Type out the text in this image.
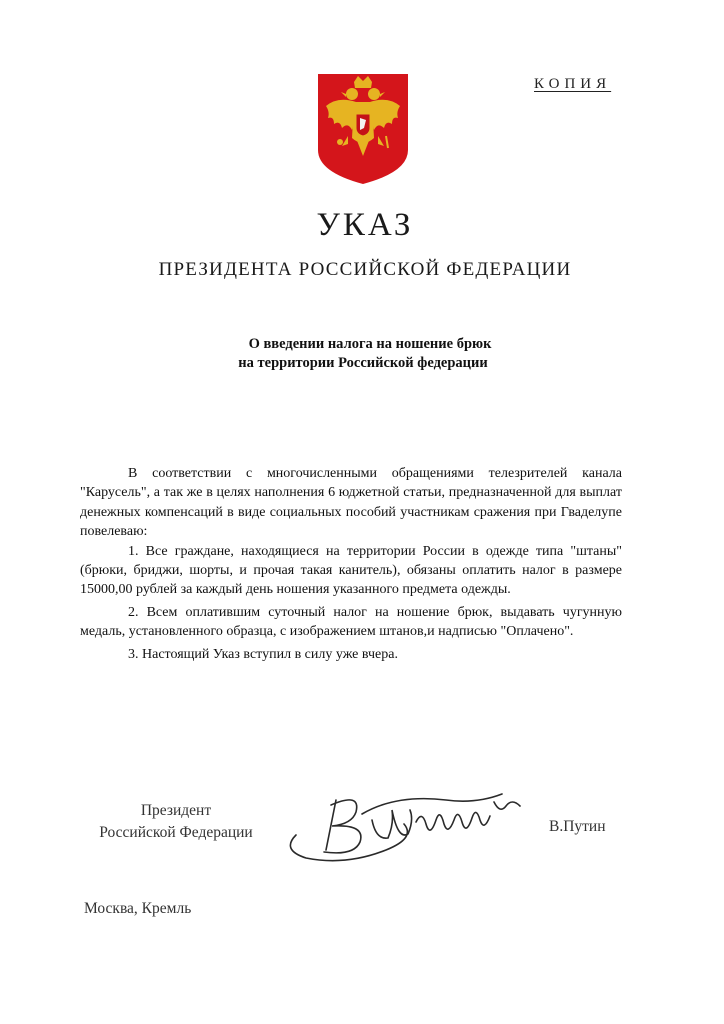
КОПИЯ
УКАЗ
ПРЕЗИДЕНТА РОССИЙСКОЙ ФЕДЕРАЦИИ
О введении налога на ношение брюк
на территории Российской федерации

В соответствии с многочисленными обращениями телезрителей канала "Карусель", а так же в целях наполнения 6 юджетной статьи, предназначенной для выплат денежных компенсаций в виде социальных пособий участникам сражения при Гваделупе повелеваю:

1. Все граждане, находящиеся на территории России в одежде типа "штаны" (брюки, бриджи, шорты, и прочая такая канитель), обязаны оплатить налог в размере 15000,00 рублей за каждый день ношения указанного предмета одежды.

2. Всем оплатившим суточный налог на ношение брюк, выдавать чугунную медаль, установленного образца, с изображением штанов,и надписью "Оплачено".

3. Настоящий Указ вступил в силу уже вчера.

Президент
Российской Федерации	В.Путин
Москва, Кремль
